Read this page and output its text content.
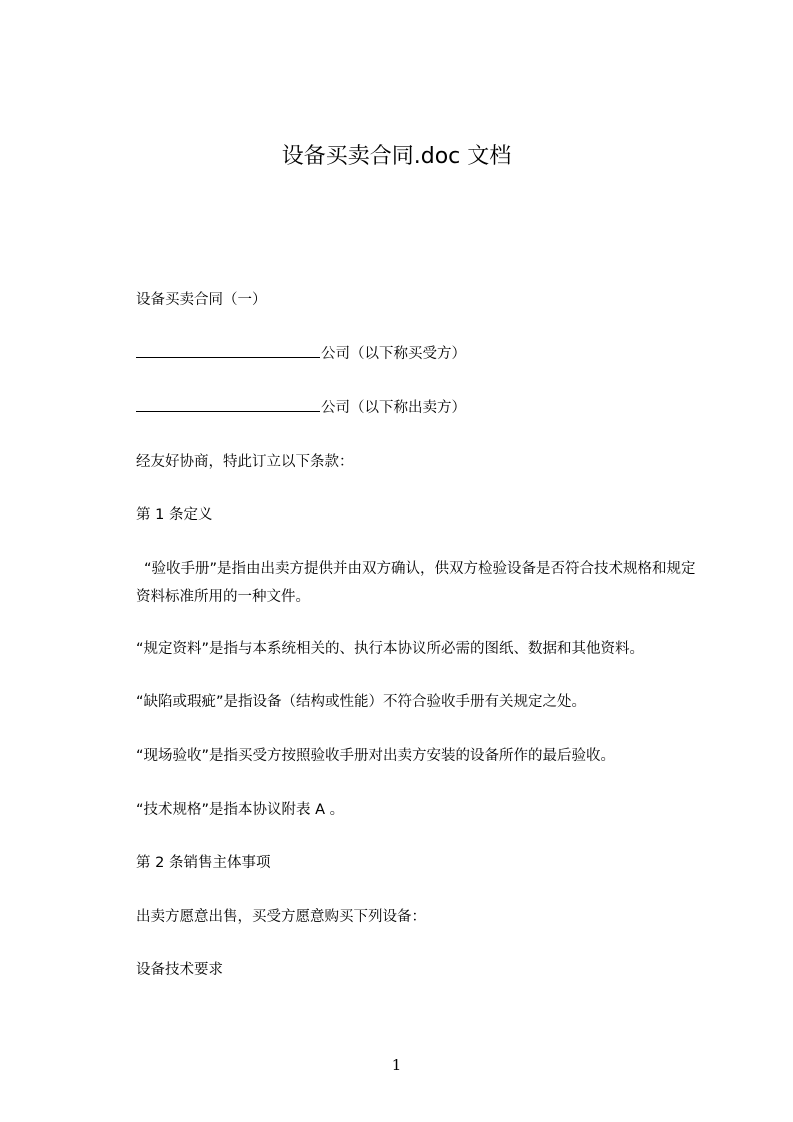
设备买卖合同.doc 文档
设备买卖合同（一）
公司（以下称买受方）
公司（以下称出卖方）
经友好协商，特此订立以下条款：
第 1 条定义
“验收手册”是指由出卖方提供并由双方确认，供双方检验设备是否符合技术规格和规定资料标准所用的一种文件。
“规定资料”是指与本系统相关的、执行本协议所必需的图纸、数据和其他资料。
“缺陷或瑕疵”是指设备（结构或性能）不符合验收手册有关规定之处。
“现场验收”是指买受方按照验收手册对出卖方安装的设备所作的最后验收。
“技术规格”是指本协议附表 A 。
第 2 条销售主体事项
出卖方愿意出售，买受方愿意购买下列设备：
设备技术要求
1
